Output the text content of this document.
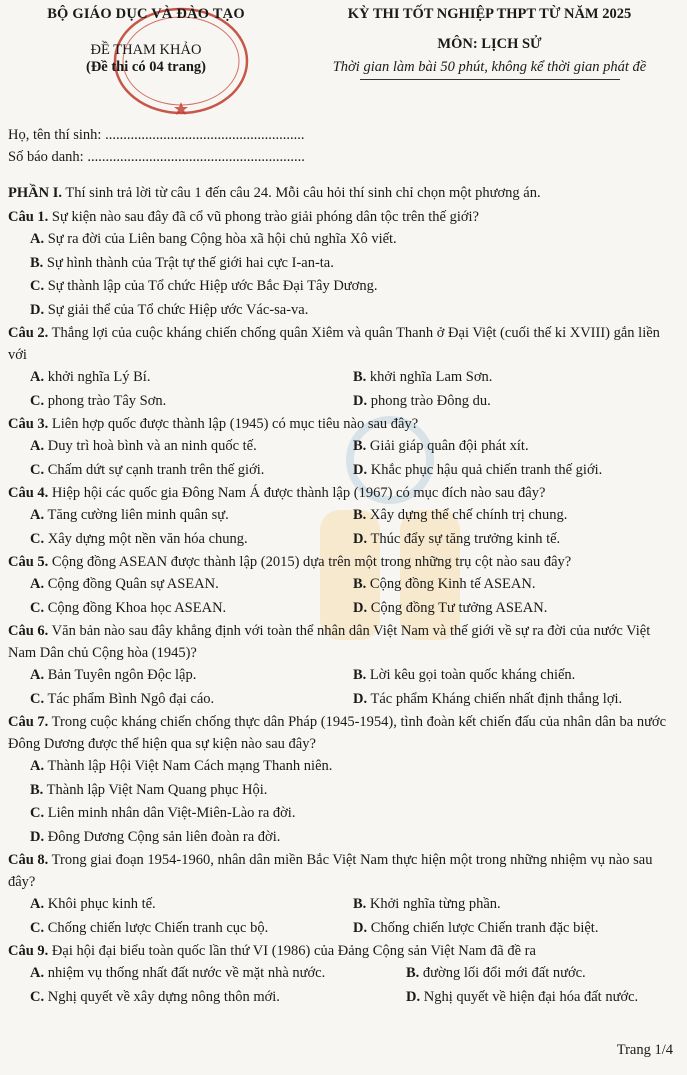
BỘ GIÁO DỤC VÀ ĐÀO TẠO
ĐỀ THAM KHẢO
(Đề thi có 04 trang)
KỲ THI TỐT NGHIỆP THPT TỪ NĂM 2025
MÔN: LỊCH SỬ
Thời gian làm bài 50 phút, không kể thời gian phát đề
Họ, tên thí sinh: .......................................................
Số báo danh: ............................................................
PHẦN I. Thí sinh trả lời từ câu 1 đến câu 24. Mỗi câu hỏi thí sinh chỉ chọn một phương án.
Câu 1. Sự kiện nào sau đây đã cổ vũ phong trào giải phóng dân tộc trên thế giới?
A. Sự ra đời của Liên bang Cộng hòa xã hội chủ nghĩa Xô viết.
B. Sự hình thành của Trật tự thế giới hai cực I-an-ta.
C. Sự thành lập của Tổ chức Hiệp ước Bắc Đại Tây Dương.
D. Sự giải thể của Tổ chức Hiệp ước Vác-sa-va.
Câu 2. Thắng lợi của cuộc kháng chiến chống quân Xiêm và quân Thanh ở Đại Việt (cuối thế kỉ XVIII) gắn liền với
A. khởi nghĩa Lý Bí.	B. khởi nghĩa Lam Sơn.
C. phong trào Tây Sơn.	D. phong trào Đông du.
Câu 3. Liên hợp quốc được thành lập (1945) có mục tiêu nào sau đây?
A. Duy trì hoà bình và an ninh quốc tế.	B. Giải giáp quân đội phát xít.
C. Chấm dứt sự cạnh tranh trên thế giới.	D. Khắc phục hậu quả chiến tranh thế giới.
Câu 4. Hiệp hội các quốc gia Đông Nam Á được thành lập (1967) có mục đích nào sau đây?
A. Tăng cường liên minh quân sự.	B. Xây dựng thể chế chính trị chung.
C. Xây dựng một nền văn hóa chung.	D. Thúc đẩy sự tăng trưởng kinh tế.
Câu 5. Cộng đồng ASEAN được thành lập (2015) dựa trên một trong những trụ cột nào sau đây?
A. Cộng đồng Quân sự ASEAN.	B. Cộng đồng Kinh tế ASEAN.
C. Cộng đồng Khoa học ASEAN.	D. Cộng đồng Tư tưởng ASEAN.
Câu 6. Văn bản nào sau đây khẳng định với toàn thể nhân dân Việt Nam và thế giới về sự ra đời của nước Việt Nam Dân chủ Cộng hòa (1945)?
A. Bản Tuyên ngôn Độc lập.	B. Lời kêu gọi toàn quốc kháng chiến.
C. Tác phẩm Bình Ngô đại cáo.	D. Tác phẩm Kháng chiến nhất định thắng lợi.
Câu 7. Trong cuộc kháng chiến chống thực dân Pháp (1945-1954), tình đoàn kết chiến đấu của nhân dân ba nước Đông Dương được thể hiện qua sự kiện nào sau đây?
A. Thành lập Hội Việt Nam Cách mạng Thanh niên.
B. Thành lập Việt Nam Quang phục Hội.
C. Liên minh nhân dân Việt-Miên-Lào ra đời.
D. Đông Dương Cộng sản liên đoàn ra đời.
Câu 8. Trong giai đoạn 1954-1960, nhân dân miền Bắc Việt Nam thực hiện một trong những nhiệm vụ nào sau đây?
A. Khôi phục kinh tế.	B. Khởi nghĩa từng phần.
C. Chống chiến lược Chiến tranh cục bộ.	D. Chống chiến lược Chiến tranh đặc biệt.
Câu 9. Đại hội đại biểu toàn quốc lần thứ VI (1986) của Đảng Cộng sản Việt Nam đã đề ra
A. nhiệm vụ thống nhất đất nước về mặt nhà nước.	B. đường lối đổi mới đất nước.
C. Nghị quyết về xây dựng nông thôn mới.	D. Nghị quyết về hiện đại hóa đất nước.
Trang 1/4
